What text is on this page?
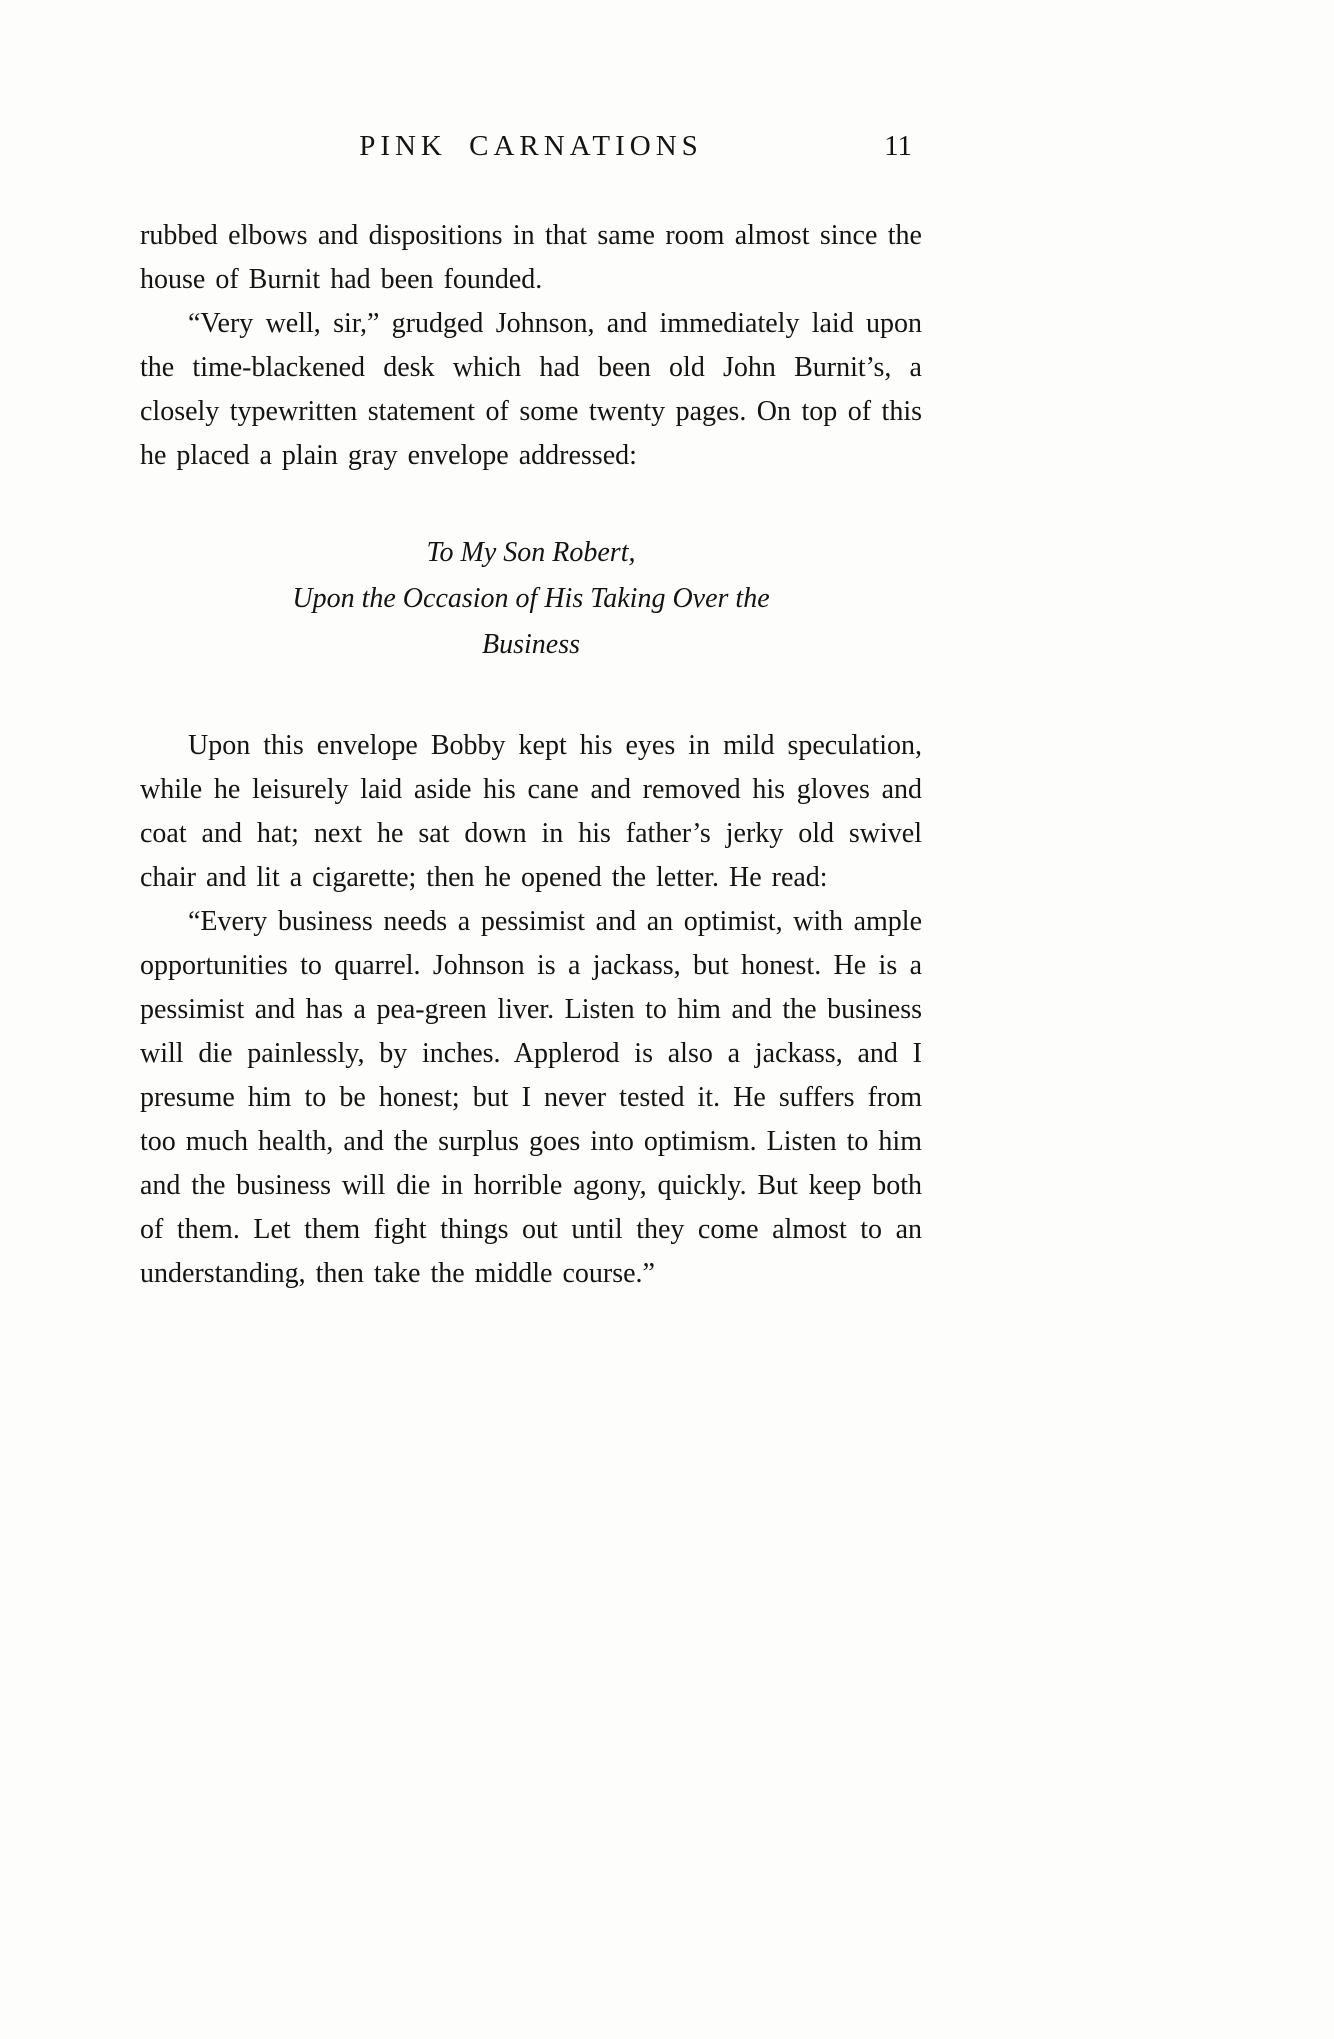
PINK CARNATIONS	11

rubbed elbows and dispositions in that same room almost since the house of Burnit had been founded.

“Very well, sir,” grudged Johnson, and immediately laid upon the time-blackened desk which had been old John Burnit’s, a closely typewritten statement of some twenty pages. On top of this he placed a plain gray envelope addressed:

To My Son Robert,
Upon the Occasion of His Taking Over the
Business

Upon this envelope Bobby kept his eyes in mild speculation, while he leisurely laid aside his cane and removed his gloves and coat and hat; next he sat down in his father’s jerky old swivel chair and lit a cigarette; then he opened the letter. He read:

“Every business needs a pessimist and an optimist, with ample opportunities to quarrel. Johnson is a jackass, but honest. He is a pessimist and has a pea-green liver. Listen to him and the business will die painlessly, by inches. Applerod is also a jackass, and I presume him to be honest; but I never tested it. He suffers from too much health, and the surplus goes into optimism. Listen to him and the business will die in horrible agony, quickly. But keep both of them. Let them fight things out until they come almost to an understanding, then take the middle course.”
